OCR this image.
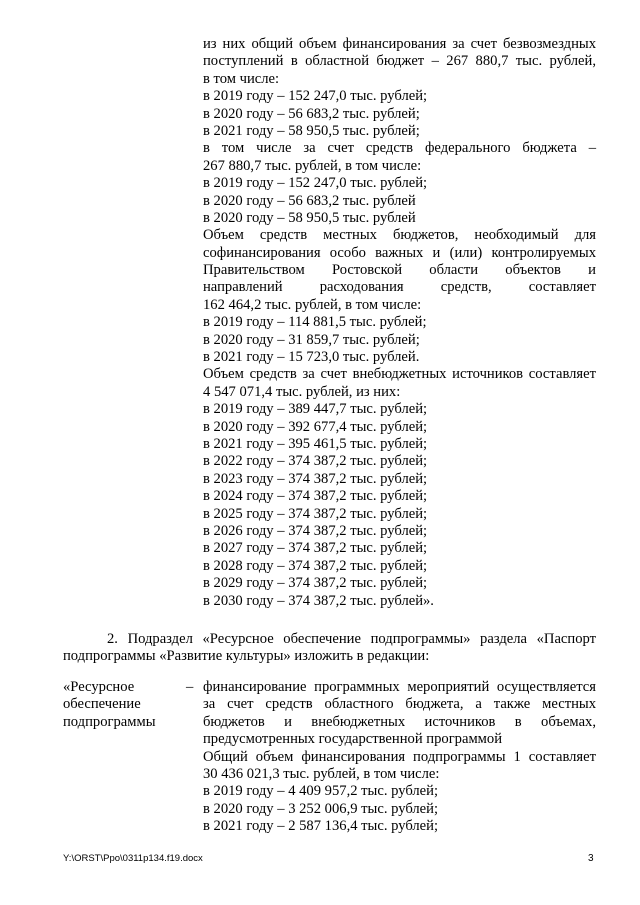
из них общий объем финансирования за счет безвозмездных
поступлений в областной бюджет – 267 880,7 тыс. рублей,
в том числе:
в 2019 году – 152 247,0 тыс. рублей;
в 2020 году – 56 683,2 тыс. рублей;
в 2021 году – 58 950,5 тыс. рублей;
в том числе за счет средств федерального бюджета –
267 880,7 тыс. рублей, в том числе:
в 2019 году – 152 247,0 тыс. рублей;
в 2020 году – 56 683,2 тыс. рублей
в 2020 году – 58 950,5 тыс. рублей
Объем средств местных бюджетов, необходимый для
софинансирования особо важных и (или) контролируемых
Правительством Ростовской области объектов и
направлений расходования средств, составляет
162 464,2 тыс. рублей, в том числе:
в 2019 году – 114 881,5 тыс. рублей;
в 2020 году – 31 859,7 тыс. рублей;
в 2021 году – 15 723,0 тыс. рублей.
Объем средств за счет внебюджетных источников составляет
4 547 071,4 тыс. рублей, из них:
в 2019 году – 389 447,7 тыс. рублей;
в 2020 году – 392 677,4 тыс. рублей;
в 2021 году – 395 461,5 тыс. рублей;
в 2022 году – 374 387,2 тыс. рублей;
в 2023 году – 374 387,2 тыс. рублей;
в 2024 году – 374 387,2 тыс. рублей;
в 2025 году – 374 387,2 тыс. рублей;
в 2026 году – 374 387,2 тыс. рублей;
в 2027 году – 374 387,2 тыс. рублей;
в 2028 году – 374 387,2 тыс. рублей;
в 2029 году – 374 387,2 тыс. рублей;
в 2030 году – 374 387,2 тыс. рублей».
2. Подраздел «Ресурсное обеспечение подпрограммы» раздела «Паспорт
подпрограммы «Развитие культуры» изложить в редакции:
«Ресурсное
обеспечение
подпрограммы
– финансирование программных мероприятий осуществляется
за счет средств областного бюджета, а также местных
бюджетов и внебюджетных источников в объемах,
предусмотренных государственной программой
Общий объем финансирования подпрограммы 1 составляет
30 436 021,3 тыс. рублей, в том числе:
в 2019 году – 4 409 957,2 тыс. рублей;
в 2020 году – 3 252 006,9 тыс. рублей;
в 2021 году – 2 587 136,4 тыс. рублей;
Y:\ORST\Ppo\0311p134.f19.docx	3
